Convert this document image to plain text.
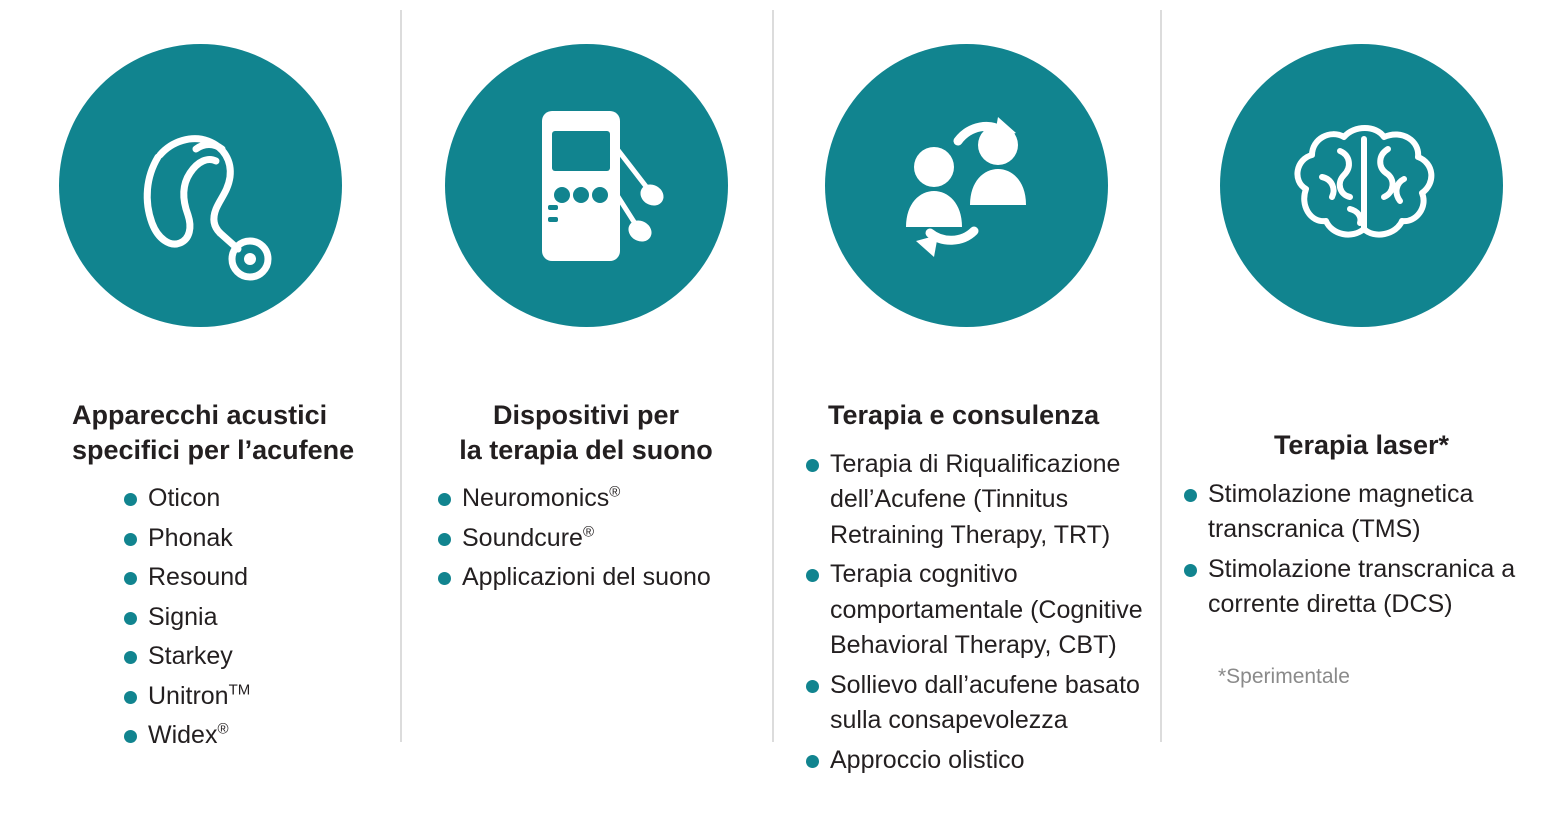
Apparecchi acustici
specifici per l’acufene
Oticon
Phonak
Resound
Signia
Starkey
Unitron™
Widex®
Dispositivi per
la terapia del suono
Neuromonics®
Soundcure®
Applicazioni del suono
Terapia e consulenza
Terapia di Riqualificazione dell’Acufene (Tinnitus Retraining Therapy, TRT)
Terapia cognitivo comportamentale (Cognitive Behavioral Therapy, CBT)
Sollievo dall’acufene basato sulla consapevolezza
Approccio olistico
Terapia laser*
Stimolazione magnetica transcranica (TMS)
Stimolazione transcranica a corrente diretta (DCS)
*Sperimentale
